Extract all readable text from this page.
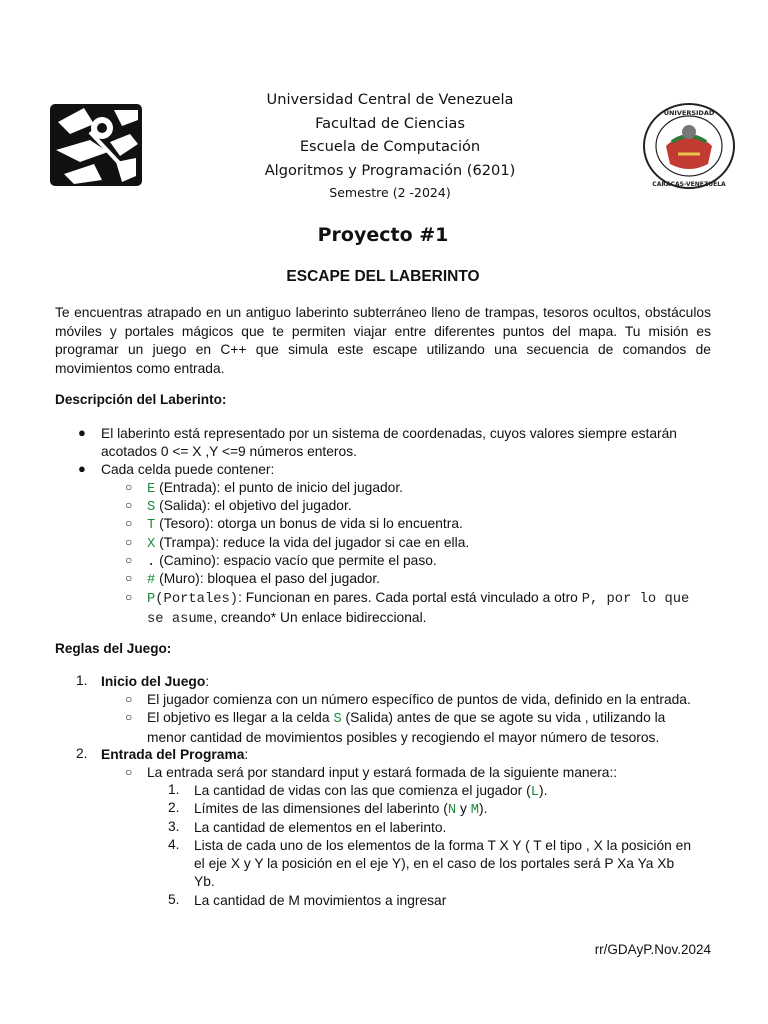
UNIVERSIDAD
CARACAS-VENEZUELA
Universidad Central de Venezuela
Facultad de Ciencias
Escuela de Computación
Algoritmos y Programación (6201)
Semestre (2 -2024)
Proyecto #1
ESCAPE DEL LABERINTO
Te encuentras atrapado en un antiguo laberinto subterráneo lleno de trampas, tesoros ocultos, obstáculos móviles y portales mágicos que te permiten viajar entre diferentes puntos del mapa. Tu misión es programar un juego en C++ que simula este escape utilizando una secuencia de comandos de movimientos como entrada.
Descripción del Laberinto:
● El laberinto está representado por un sistema de coordenadas, cuyos valores siempre estarán
acotados 0 <= X ,Y <=9 números enteros.
● Cada celda puede contener:
○ E (Entrada): el punto de inicio del jugador.
○ S (Salida): el objetivo del jugador.
○ T (Tesoro): otorga un bonus de vida si lo encuentra.
○ X (Trampa): reduce la vida del jugador si cae en ella.
○ . (Camino): espacio vacío que permite el paso.
○ # (Muro): bloquea el paso del jugador.
○ P(Portales): Funcionan en pares. Cada portal está vinculado a otro P, por lo que
se asume, creando* Un enlace bidireccional.
Reglas del Juego:
1. Inicio del Juego:
○ El jugador comienza con un número específico de puntos de vida, definido en la entrada.
○ El objetivo es llegar a la celda S (Salida) antes de que se agote su vida , utilizando la
menor cantidad de movimientos posibles y recogiendo el mayor número de tesoros.
2. Entrada del Programa:
○ La entrada será por standard input y estará formada de la siguiente manera::
1. La cantidad de vidas con las que comienza el jugador (L).
2. Límites de las dimensiones del laberinto (N y M).
3. La cantidad de elementos en el laberinto.
4. Lista de cada uno de los elementos de la forma T X Y ( T el tipo , X la posición en
el eje X y Y la posición en el eje Y), en el caso de los portales será P Xa Ya Xb
Yb.
5. La cantidad de M movimientos a ingresar
rr/GDAyP.Nov.2024
